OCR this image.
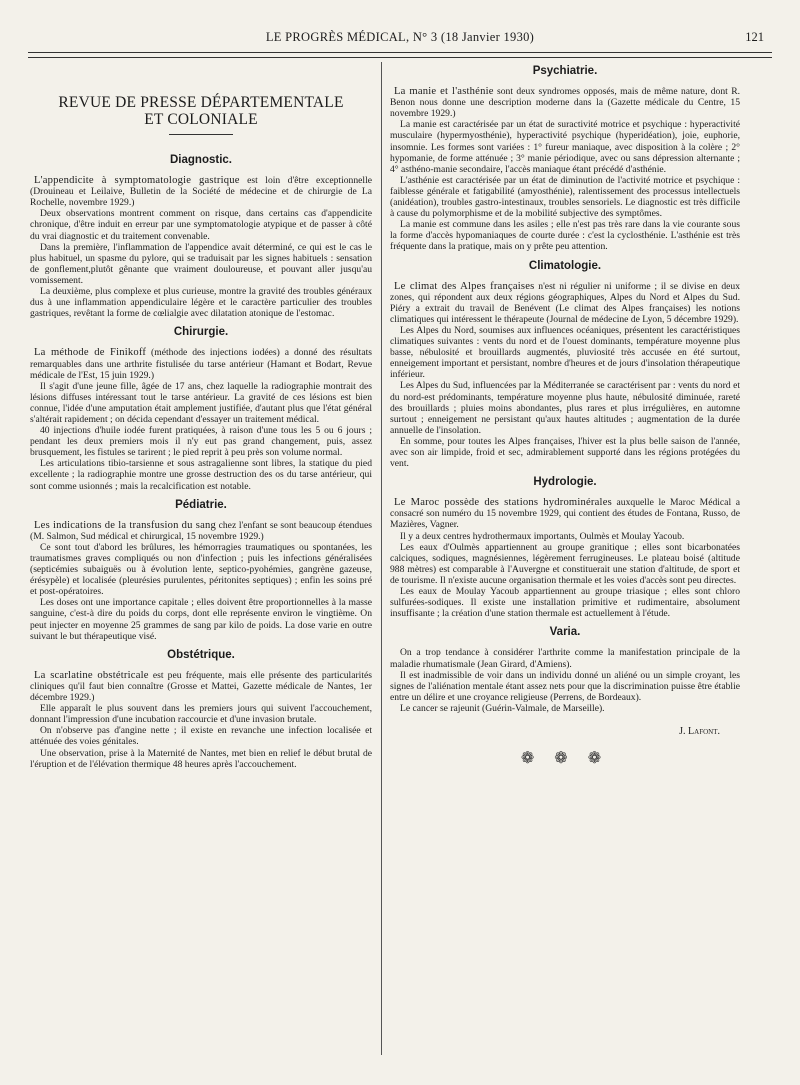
LE PROGRÈS MÉDICAL, N° 3 (18 Janvier 1930)	121
REVUE DE PRESSE DÉPARTEMENTALE
ET COLONIALE
Diagnostic.

L'appendicite à symptomatologie gastrique est loin d'être exceptionnelle (Drouineau et Leilaive, Bulletin de la Société de médecine et de chirurgie de La Rochelle, novembre 1929.)

Deux observations montrent comment on risque, dans certains cas d'appendicite chronique, d'être induit en erreur par une symptomatologie atypique et de passer à côté du vrai diagnostic et du traitement convenable.

Dans la première, l'inflammation de l'appendice avait déterminé, ce qui est le cas le plus habituel, un spasme du pylore, qui se traduisait par les signes habituels : sensation de gonflement,plutôt gênante que vraiment douloureuse, et pouvant aller jusqu'au vomissement.

La deuxième, plus complexe et plus curieuse, montre la gravité des troubles généraux dus à une inflammation appendiculaire légère et le caractère particulier des troubles gastriques, revêtant la forme de cœlialgie avec dilatation atonique de l'estomac.

Chirurgie.

La méthode de Finikoff (méthode des injections iodées) a donné des résultats remarquables dans une arthrite fistulisée du tarse antérieur (Hamant et Bodart, Revue médicale de l'Est, 15 juin 1929.)

Il s'agit d'une jeune fille, âgée de 17 ans, chez laquelle la radiographie montrait des lésions diffuses intéressant tout le tarse antérieur. La gravité de ces lésions est bien connue, l'idée d'une amputation était amplement justifiée, d'autant plus que l'état général s'altérait rapidement ; on décida cependant d'essayer un traitement médical.

40 injections d'huile iodée furent pratiquées, à raison d'une tous les 5 ou 6 jours ; pendant les deux premiers mois il n'y eut pas grand changement, puis, assez brusquement, les fistules se tarirent ; le pied reprit à peu près son volume normal.

Les articulations tibio-tarsienne et sous astragalienne sont libres, la statique du pied excellente ; la radiographie montre une grosse destruction des os du tarse antérieur, qui sont comme usionnés ; mais la recalcification est notable.

Pédiatrie.

Les indications de la transfusion du sang chez l'enfant se sont beaucoup étendues (M. Salmon, Sud médical et chirurgical, 15 novembre 1929.)

Ce sont tout d'abord les brûlures, les hémorragies traumatiques ou spontanées, les traumatismes graves compliqués ou non d'infection ; puis les infections généralisées (septicémies subaiguës ou à évolution lente, septico-pyohémies, gangrène gazeuse, érésypèle) et localisée (pleurésies purulentes, péritonites septiques) ; enfin les soins pré et post-opératoires.

Les doses ont une importance capitale ; elles doivent être proportionnelles à la masse sanguine, c'est-à dire du poids du corps, dont elle représente environ le vingtième. On peut injecter en moyenne 25 grammes de sang par kilo de poids. La dose varie en outre suivant le but thérapeutique visé.

Obstétrique.

La scarlatine obstétricale est peu fréquente, mais elle présente des particularités cliniques qu'il faut bien connaître (Grosse et Mattei, Gazette médicale de Nantes, 1er décembre 1929.)

Elle apparaît le plus souvent dans les premiers jours qui suivent l'accouchement, donnant l'impression d'une incubation raccourcie et d'une invasion brutale.

On n'observe pas d'angine nette ; il existe en revanche une infection localisée et atténuée des voies génitales.

Une observation, prise à la Maternité de Nantes, met bien en relief le début brutal de l'éruption et de l'élévation thermique 48 heures après l'accouchement.

Psychiatrie.

La manie et l'asthénie sont deux syndromes opposés, mais de même nature, dont R. Benon nous donne une description moderne dans la (Gazette médicale du Centre, 15 novembre 1929.)

La manie est caractérisée par un état de suractivité motrice et psychique : hyperactivité musculaire (hypermyosthénie), hyperactivité psychique (hyperidéation), joie, euphorie, insomnie. Les formes sont variées : 1° fureur maniaque, avec disposition à la colère ; 2° hypomanie, de forme atténuée ; 3° manie périodique, avec ou sans dépression alternante ; 4° asthéno-manie secondaire, l'accès maniaque étant précédé d'asthénie.

L'asthénie est caractérisée par un état de diminution de l'activité motrice et psychique : faiblesse générale et fatigabilité (amyosthénie), ralentissement des processus intellectuels (anidéation), troubles gastro-intestinaux, troubles sensoriels. Le diagnostic est très difficile à cause du polymorphisme et de la mobilité subjective des symptômes.

La manie est commune dans les asiles ; elle n'est pas très rare dans la vie courante sous la forme d'accès hypomaniaques de courte durée : c'est la cyclosthénie. L'asthénie est très fréquente dans la pratique, mais on y prête peu attention.

Climatologie.

Le climat des Alpes françaises n'est ni régulier ni uniforme ; il se divise en deux zones, qui répondent aux deux régions géographiques, Alpes du Nord et Alpes du Sud. Piéry a extrait du travail de Benévent (Le climat des Alpes françaises) les notions climatiques qui intéressent le thérapeute (Journal de médecine de Lyon, 5 décembre 1929).

Les Alpes du Nord, soumises aux influences océaniques, présentent les caractéristiques climatiques suivantes : vents du nord et de l'ouest dominants, température moyenne plus basse, nébulosité et brouillards augmentés, pluviosité très accusée en été surtout, enneigement important et persistant, nombre d'heures et de jours d'insolation thérapeutique inférieur.

Les Alpes du Sud, influencées par la Méditerranée se caractérisent par : vents du nord et du nord-est prédominants, température moyenne plus haute, nébulosité diminuée, rareté des brouillards ; pluies moins abondantes, plus rares et plus irrégulières, en automne surtout ; enneigement ne persistant qu'aux hautes altitudes ; augmentation de la durée annuelle de l'insolation.

En somme, pour toutes les Alpes françaises, l'hiver est la plus belle saison de l'année, avec son air limpide, froid et sec, admirablement supporté dans les régions protégées du vent.

Hydrologie.

Le Maroc possède des stations hydrominérales auxquelle le Maroc Médical a consacré son numéro du 15 novembre 1929, qui contient des études de Fontana, Russo, de Mazières, Vagner.

Il y a deux centres hydrothermaux importants, Oulmès et Moulay Yacoub.

Les eaux d'Oulmès appartiennent au groupe granitique ; elles sont bicarbonatées calciques, sodiques, magnésiennes, légèrement ferrugineuses. Le plateau boisé (altitude 988 mètres) est comparable à l'Auvergne et constituerait une station d'altitude, de sport et de tourisme. Il n'existe aucune organisation thermale et les voies d'accès sont peu directes.

Les eaux de Moulay Yacoub appartiennent au groupe triasique ; elles sont chloro sulfurées-sodiques. Il existe une installation primitive et rudimentaire, absolument insuffisante ; la création d'une station thermale est actuellement à l'étude.

Varia.

On a trop tendance à considérer l'arthrite comme la manifestation principale de la maladie rhumatismale (Jean Girard, d'Amiens).

Il est inadmissible de voir dans un individu donné un aliéné ou un simple croyant, les signes de l'aliénation mentale étant assez nets pour que la discrimination puisse être établie entre un délire et une croyance religieuse (Perrens, de Bordeaux).

Le cancer se rajeunit (Guérin-Valmale, de Marseille).

J. Lafont.
❁ ❁ ❁
